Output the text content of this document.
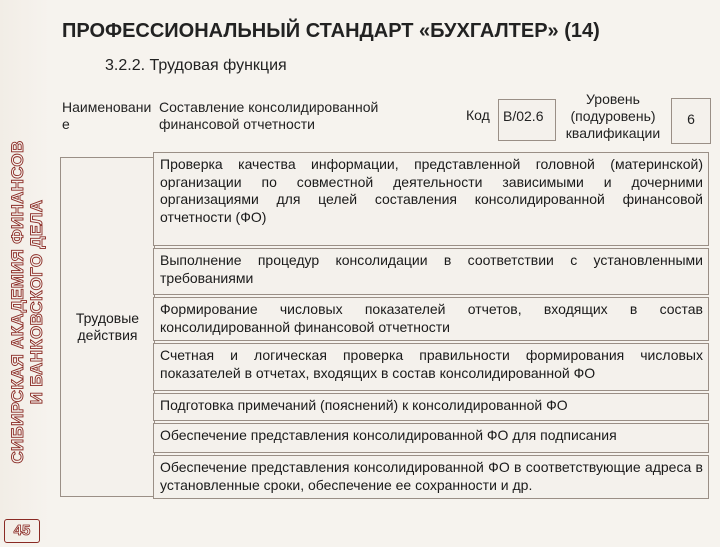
СИБИРСКАЯ АКАДЕМИЯ ФИНАНСОВ И БАНКОВСКОГО ДЕЛА
45
ПРОФЕССИОНАЛЬНЫЙ СТАНДАРТ «БУХГАЛТЕР» (14)
3.2.2. Трудовая функция
Наименование
Составление консолидированной финансовой отчетности
Код B/02.6
Уровень (подуровень) квалификации
6
Трудовые действия
Проверка качества информации, представленной головной (материнской) организации по совместной деятельности зависимыми и дочерними организациями для целей составления консолидированной финансовой отчетности (ФО)
Выполнение процедур консолидации в соответствии с установленными требованиями
Формирование числовых показателей отчетов, входящих в состав консолидированной финансовой отчетности
Счетная и логическая проверка правильности формирования числовых показателей в отчетах, входящих в состав консолидированной ФО
Подготовка примечаний (пояснений) к консолидированной ФО
Обеспечение представления консолидированной ФО для подписания
Обеспечение представления консолидированной ФО в соответствующие адреса в установленные сроки, обеспечение ее сохранности и др.
